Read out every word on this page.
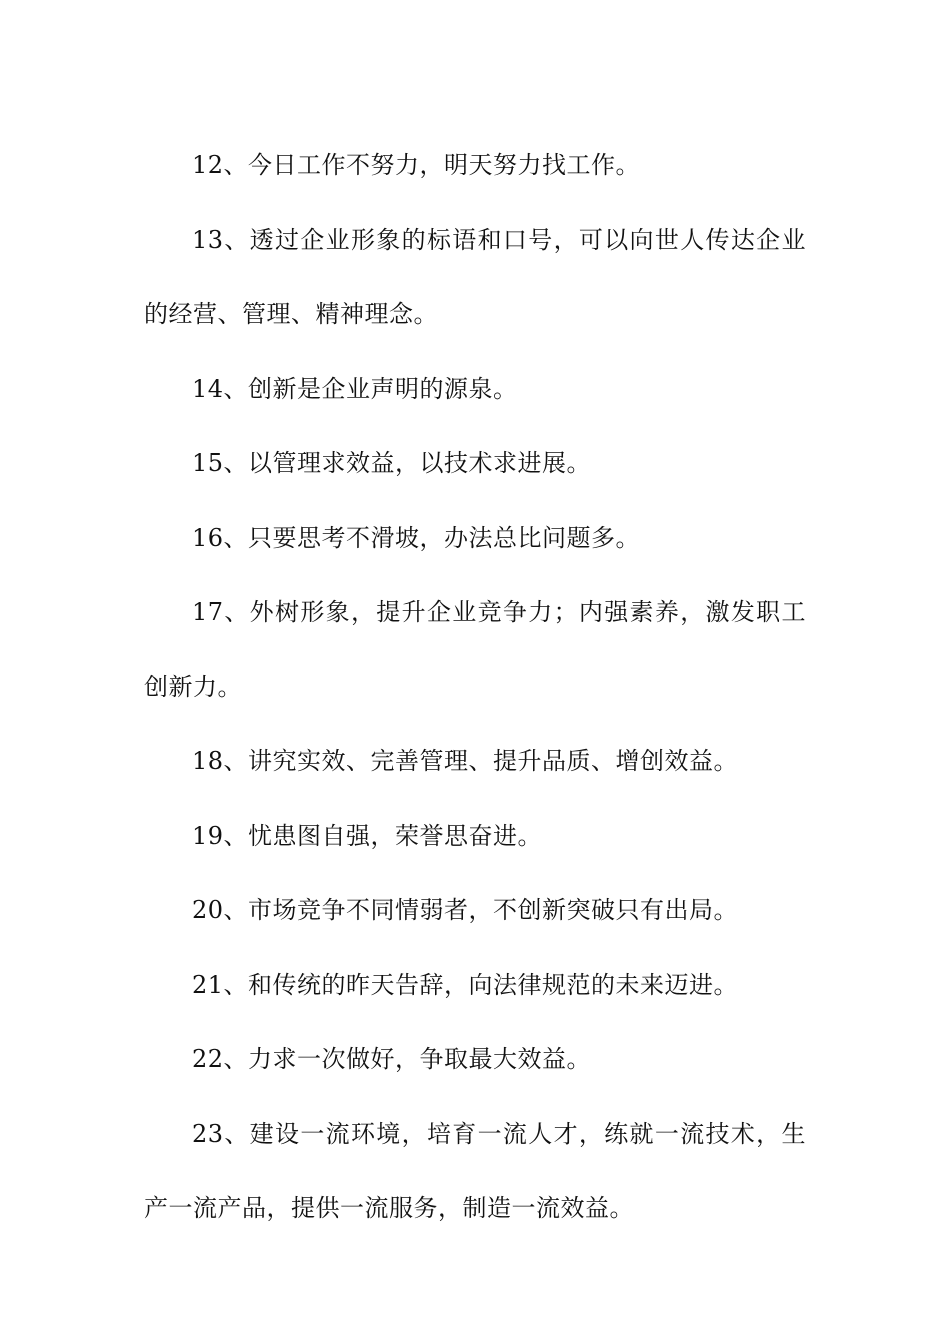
12、今日工作不努力，明天努力找工作。

13、透过企业形象的标语和口号，可以向世人传达企业的经营、管理、精神理念。

14、创新是企业声明的源泉。

15、以管理求效益，以技术求进展。

16、只要思考不滑坡，办法总比问题多。

17、外树形象，提升企业竞争力；内强素养，激发职工创新力。

18、讲究实效、完善管理、提升品质、增创效益。

19、忧患图自强，荣誉思奋进。

20、市场竞争不同情弱者，不创新突破只有出局。

21、和传统的昨天告辞，向法律规范的未来迈进。

22、力求一次做好，争取最大效益。

23、建设一流环境，培育一流人才，练就一流技术，生产一流产品，提供一流服务，制造一流效益。
